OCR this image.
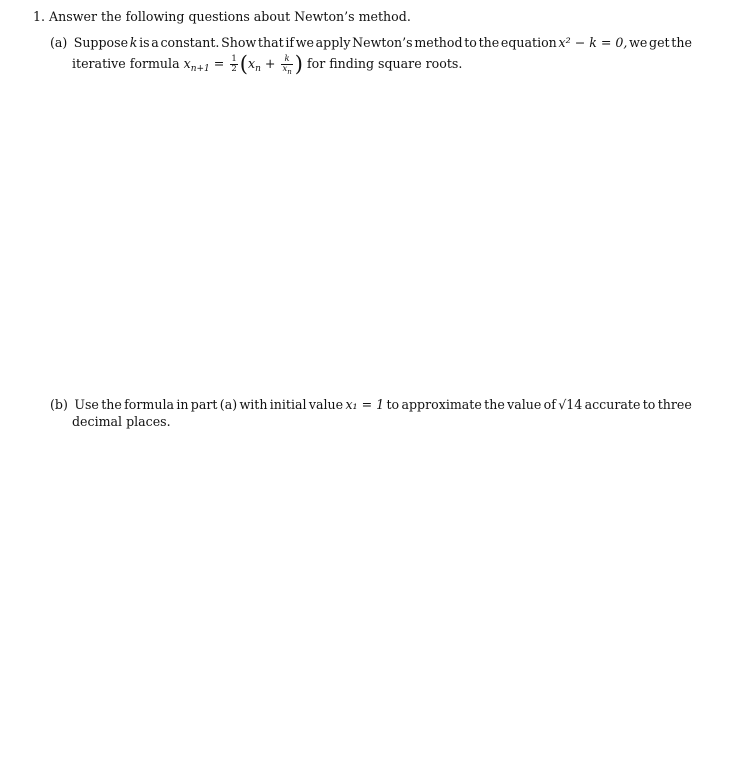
1. Answer the following questions about Newton’s method.
(a) Suppose k is a constant. Show that if we apply Newton’s method to the equation x² − k = 0, we get the
iterative formula $x_{n+1} = \frac{1}{2} (x_n + \frac{k}{x_n}$ ) for finding square roots.
(b) Use the formula in part (a) with initial value x₁ = 1 to approximate the value of √14 accurate to three
decimal places.
